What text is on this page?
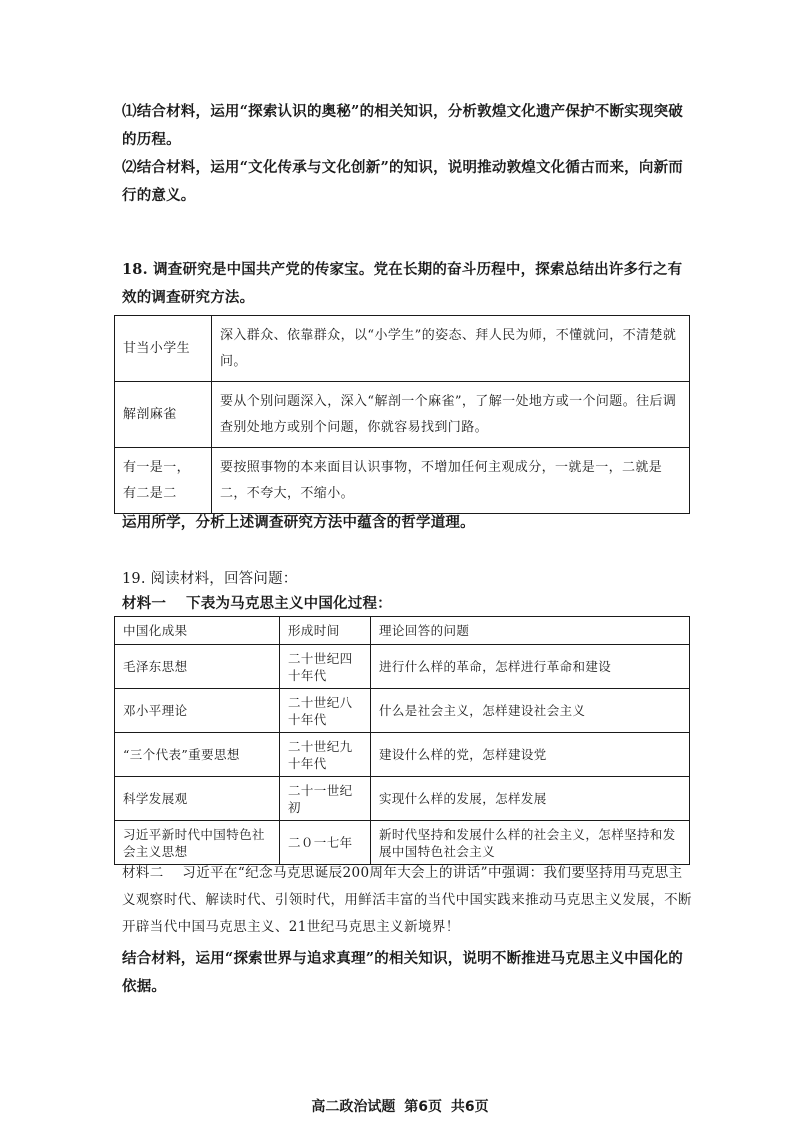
⑴结合材料，运用“探索认识的奥秘”的相关知识，分析敦煌文化遗产保护不断实现突破的历程。

⑵结合材料，运用“文化传承与文化创新”的知识，说明推动敦煌文化循古而来，向新而行的意义。

18. 调查研究是中国共产党的传家宝。党在长期的奋斗历程中，探索总结出许多行之有效的调查研究方法。

甘当小学生	深入群众、依靠群众，以“小学生”的姿态、拜人民为师，不懂就问，不清楚就问。
解剖麻雀	要从个别问题深入，深入“解剖一个麻雀”，了解一处地方或一个问题。往后调查别处地方或别个问题，你就容易找到门路。
有一是一，有二是二	要按照事物的本来面目认识事物，不增加任何主观成分，一就是一，二就是二，不夸大，不缩小。

运用所学，分析上述调查研究方法中蕴含的哲学道理。

19. 阅读材料，回答问题：

材料一　 下表为马克思主义中国化过程：

中国化成果	形成时间	理论回答的问题
毛泽东思想	二十世纪四十年代	进行什么样的革命，怎样进行革命和建设
邓小平理论	二十世纪八十年代	什么是社会主义，怎样建设社会主义
“三个代表”重要思想	二十世纪九十年代	建设什么样的党，怎样建设党
科学发展观	二十一世纪初	实现什么样的发展，怎样发展
习近平新时代中国特色社会主义思想	二０一七年	新时代坚持和发展什么样的社会主义，怎样坚持和发展中国特色社会主义

材料二　 习近平在“纪念马克思诞辰200周年大会上的讲话”中强调：我们要坚持用马克思主义观察时代、解读时代、引领时代，用鲜活丰富的当代中国实践来推动马克思主义发展，不断开辟当代中国马克思主义、21世纪马克思主义新境界！

结合材料，运用“探索世界与追求真理”的相关知识，说明不断推进马克思主义中国化的依据。

高二政治试题 第6页 共6页
